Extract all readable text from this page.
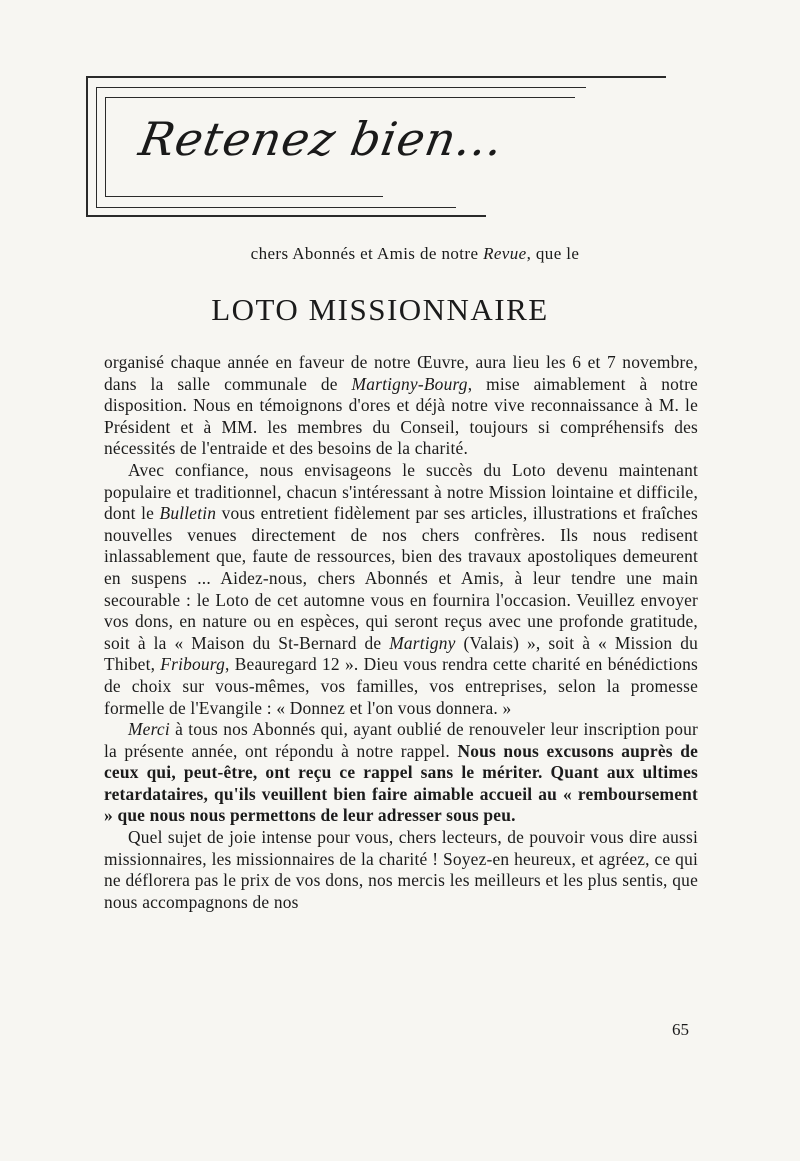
Retenez bien...
chers Abonnés et Amis de notre Revue, que le
LOTO MISSIONNAIRE

organisé chaque année en faveur de notre Œuvre, aura lieu les 6 et 7 novembre, dans la salle communale de Martigny-Bourg, mise aimablement à notre disposition. Nous en témoignons d'ores et déjà notre vive reconnaissance à M. le Président et à MM. les membres du Conseil, toujours si compréhensifs des nécessités de l'entraide et des besoins de la charité.

Avec confiance, nous envisageons le succès du Loto devenu maintenant populaire et traditionnel, chacun s'intéressant à notre Mission lointaine et difficile, dont le Bulletin vous entretient fidèlement par ses articles, illustrations et fraîches nouvelles venues directement de nos chers confrères. Ils nous redisent inlassablement que, faute de ressources, bien des travaux apostoliques demeurent en suspens ... Aidez-nous, chers Abonnés et Amis, à leur tendre une main secourable : le Loto de cet automne vous en fournira l'occasion. Veuillez envoyer vos dons, en nature ou en espèces, qui seront reçus avec une profonde gratitude, soit à la « Maison du St-Bernard de Martigny (Valais) », soit à « Mission du Thibet, Fribourg, Beauregard 12 ». Dieu vous rendra cette charité en bénédictions de choix sur vous-mêmes, vos familles, vos entreprises, selon la promesse formelle de l'Evangile : « Donnez et l'on vous donnera. »

Merci à tous nos Abonnés qui, ayant oublié de renouveler leur inscription pour la présente année, ont répondu à notre rappel. Nous nous excusons auprès de ceux qui, peut-être, ont reçu ce rappel sans le mériter. Quant aux ultimes retardataires, qu'ils veuillent bien faire aimable accueil au « remboursement » que nous nous permettons de leur adresser sous peu.

Quel sujet de joie intense pour vous, chers lecteurs, de pouvoir vous dire aussi missionnaires, les missionnaires de la charité ! Soyez-en heureux, et agréez, ce qui ne déflorera pas le prix de vos dons, nos mercis les meilleurs et les plus sentis, que nous accompagnons de nos

65
